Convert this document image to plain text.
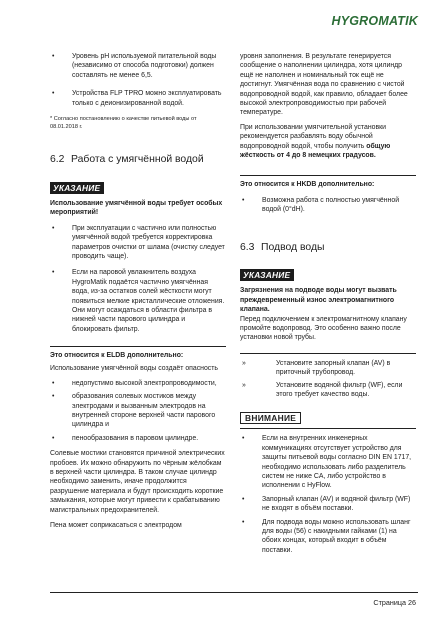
HYGROMATIK
•	Уровень pH используемой питательной воды (независимо от способа подготовки) должен составлять не менее 6,5.
•	Устройства FLP TPRO можно эксплуатировать только с деионизированной водой.

* Согласно постановлению о качестве питьевой воды от 08.01.2018 г.

6.2 Работа с умягчённой водой
УКАЗАНИЕ

Использование умягчённой воды требует особых мероприятий!

•	При эксплуатации с частично или полностью умягчённой водой требуется корректировка параметров очистки от шлама (очистку следует проводить чаще).
•	Если на паровой увлажнитель воздуха HygroMatik подаётся частично умягчённая вода, из-за остатков солей жёсткости могут появиться мелкие кристаллические отложения. Они могут осаждаться в области фильтра в нижней части парового цилиндра и блокировать фильтр.

Это относится к ELDB дополнительно:

Использование умягчённой воды создаёт опасность

•	недопустимо высокой электропроводимости,
•	образования солевых мостиков между электродами и вызванным электродов на внутренней стороне верхней части парового цилиндра и
•	пенообразования в паровом цилиндре.

Солевые мостики становятся причиной электрических пробоев. Их можно обнаружить по чёрным жёлобкам в верхней части цилиндра. В таком случае цилиндр необходимо заменить, иначе продолжится разрушение материала и будут происходить короткие замыкания, которые могут привести к срабатыванию магистральных предохранителей.

Пена может соприкасаться с электродом

уровня заполнения. В результате генерируется сообщение о наполнении цилиндра, хотя цилиндр ещё не наполнен и номинальный ток ещё не достигнут. Умягчённая вода по сравнению с чистой водопроводной водой, как правило, обладает более высокой электропроводимостью при рабочей температуре.

При использовании умягчительной установки рекомендуется разбавлять воду обычной водопроводной водой, чтобы получить общую жёсткость от 4 до 8 немецких градусов.

Это относится к HKDB дополнительно:

•	Возможна работа с полностью умягчённой водой (0°dH).
6.3 Подвод воды
УКАЗАНИЕ

Загрязнения на подводе воды могут вызвать преждевременный износ электромагнитного клапана.

Перед подключением к электромагнитному клапану промойте водопровод. Это особенно важно после установки новой трубы.

»	Установите запорный клапан (AV) в приточный трубопровод.
»	Установите водяной фильтр (WF), если этого требует качество воды.
ВНИМАНИЕ
•	Если на внутренних инженерных коммуникациях отсутствует устройство для защиты питьевой воды согласно DIN EN 1717, необходимо использовать либо разделитель систем не ниже CA, либо устройство в исполнении с HyFlow.
•	Запорный клапан (AV) и водяной фильтр (WF) не входят в объём поставки.
•	Для подвода воды можно использовать шланг для воды (56) с накидными гайками (1) на обоих концах, который входит в объём поставки.
Страница 26
